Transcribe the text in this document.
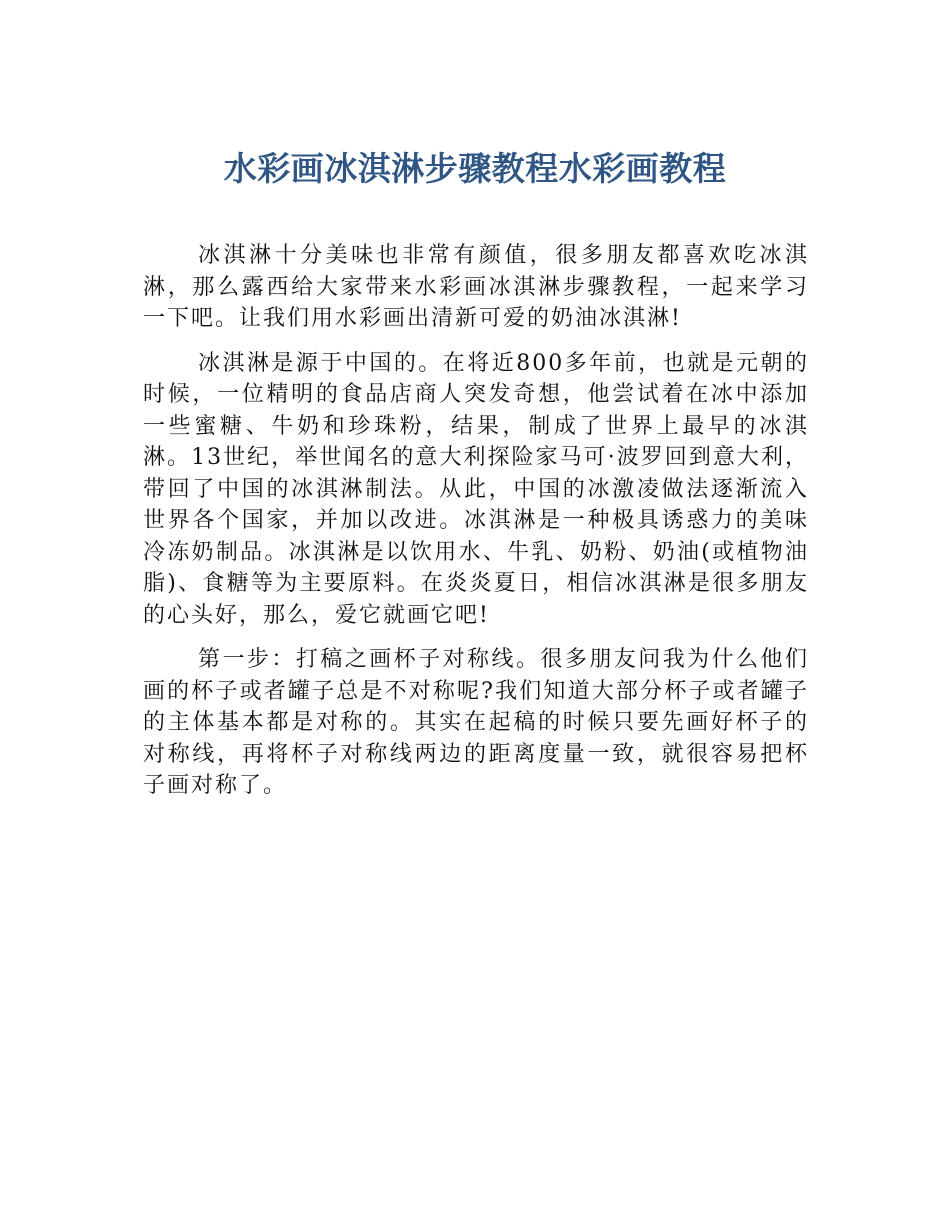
水彩画冰淇淋步骤教程水彩画教程

冰淇淋十分美味也非常有颜值，很多朋友都喜欢吃冰淇淋，那么露西给大家带来水彩画冰淇淋步骤教程，一起来学习一下吧。让我们用水彩画出清新可爱的奶油冰淇淋!

冰淇淋是源于中国的。在将近800多年前，也就是元朝的时候，一位精明的食品店商人突发奇想，他尝试着在冰中添加一些蜜糖、牛奶和珍珠粉，结果，制成了世界上最早的冰淇淋。13世纪，举世闻名的意大利探险家马可·波罗回到意大利，带回了中国的冰淇淋制法。从此，中国的冰激凌做法逐渐流入世界各个国家，并加以改进。冰淇淋是一种极具诱惑力的美味冷冻奶制品。冰淇淋是以饮用水、牛乳、奶粉、奶油(或植物油脂)、食糖等为主要原料。在炎炎夏日，相信冰淇淋是很多朋友的心头好，那么，爱它就画它吧!

第一步：打稿之画杯子对称线。很多朋友问我为什么他们画的杯子或者罐子总是不对称呢?我们知道大部分杯子或者罐子的主体基本都是对称的。其实在起稿的时候只要先画好杯子的对称线，再将杯子对称线两边的距离度量一致，就很容易把杯子画对称了。
